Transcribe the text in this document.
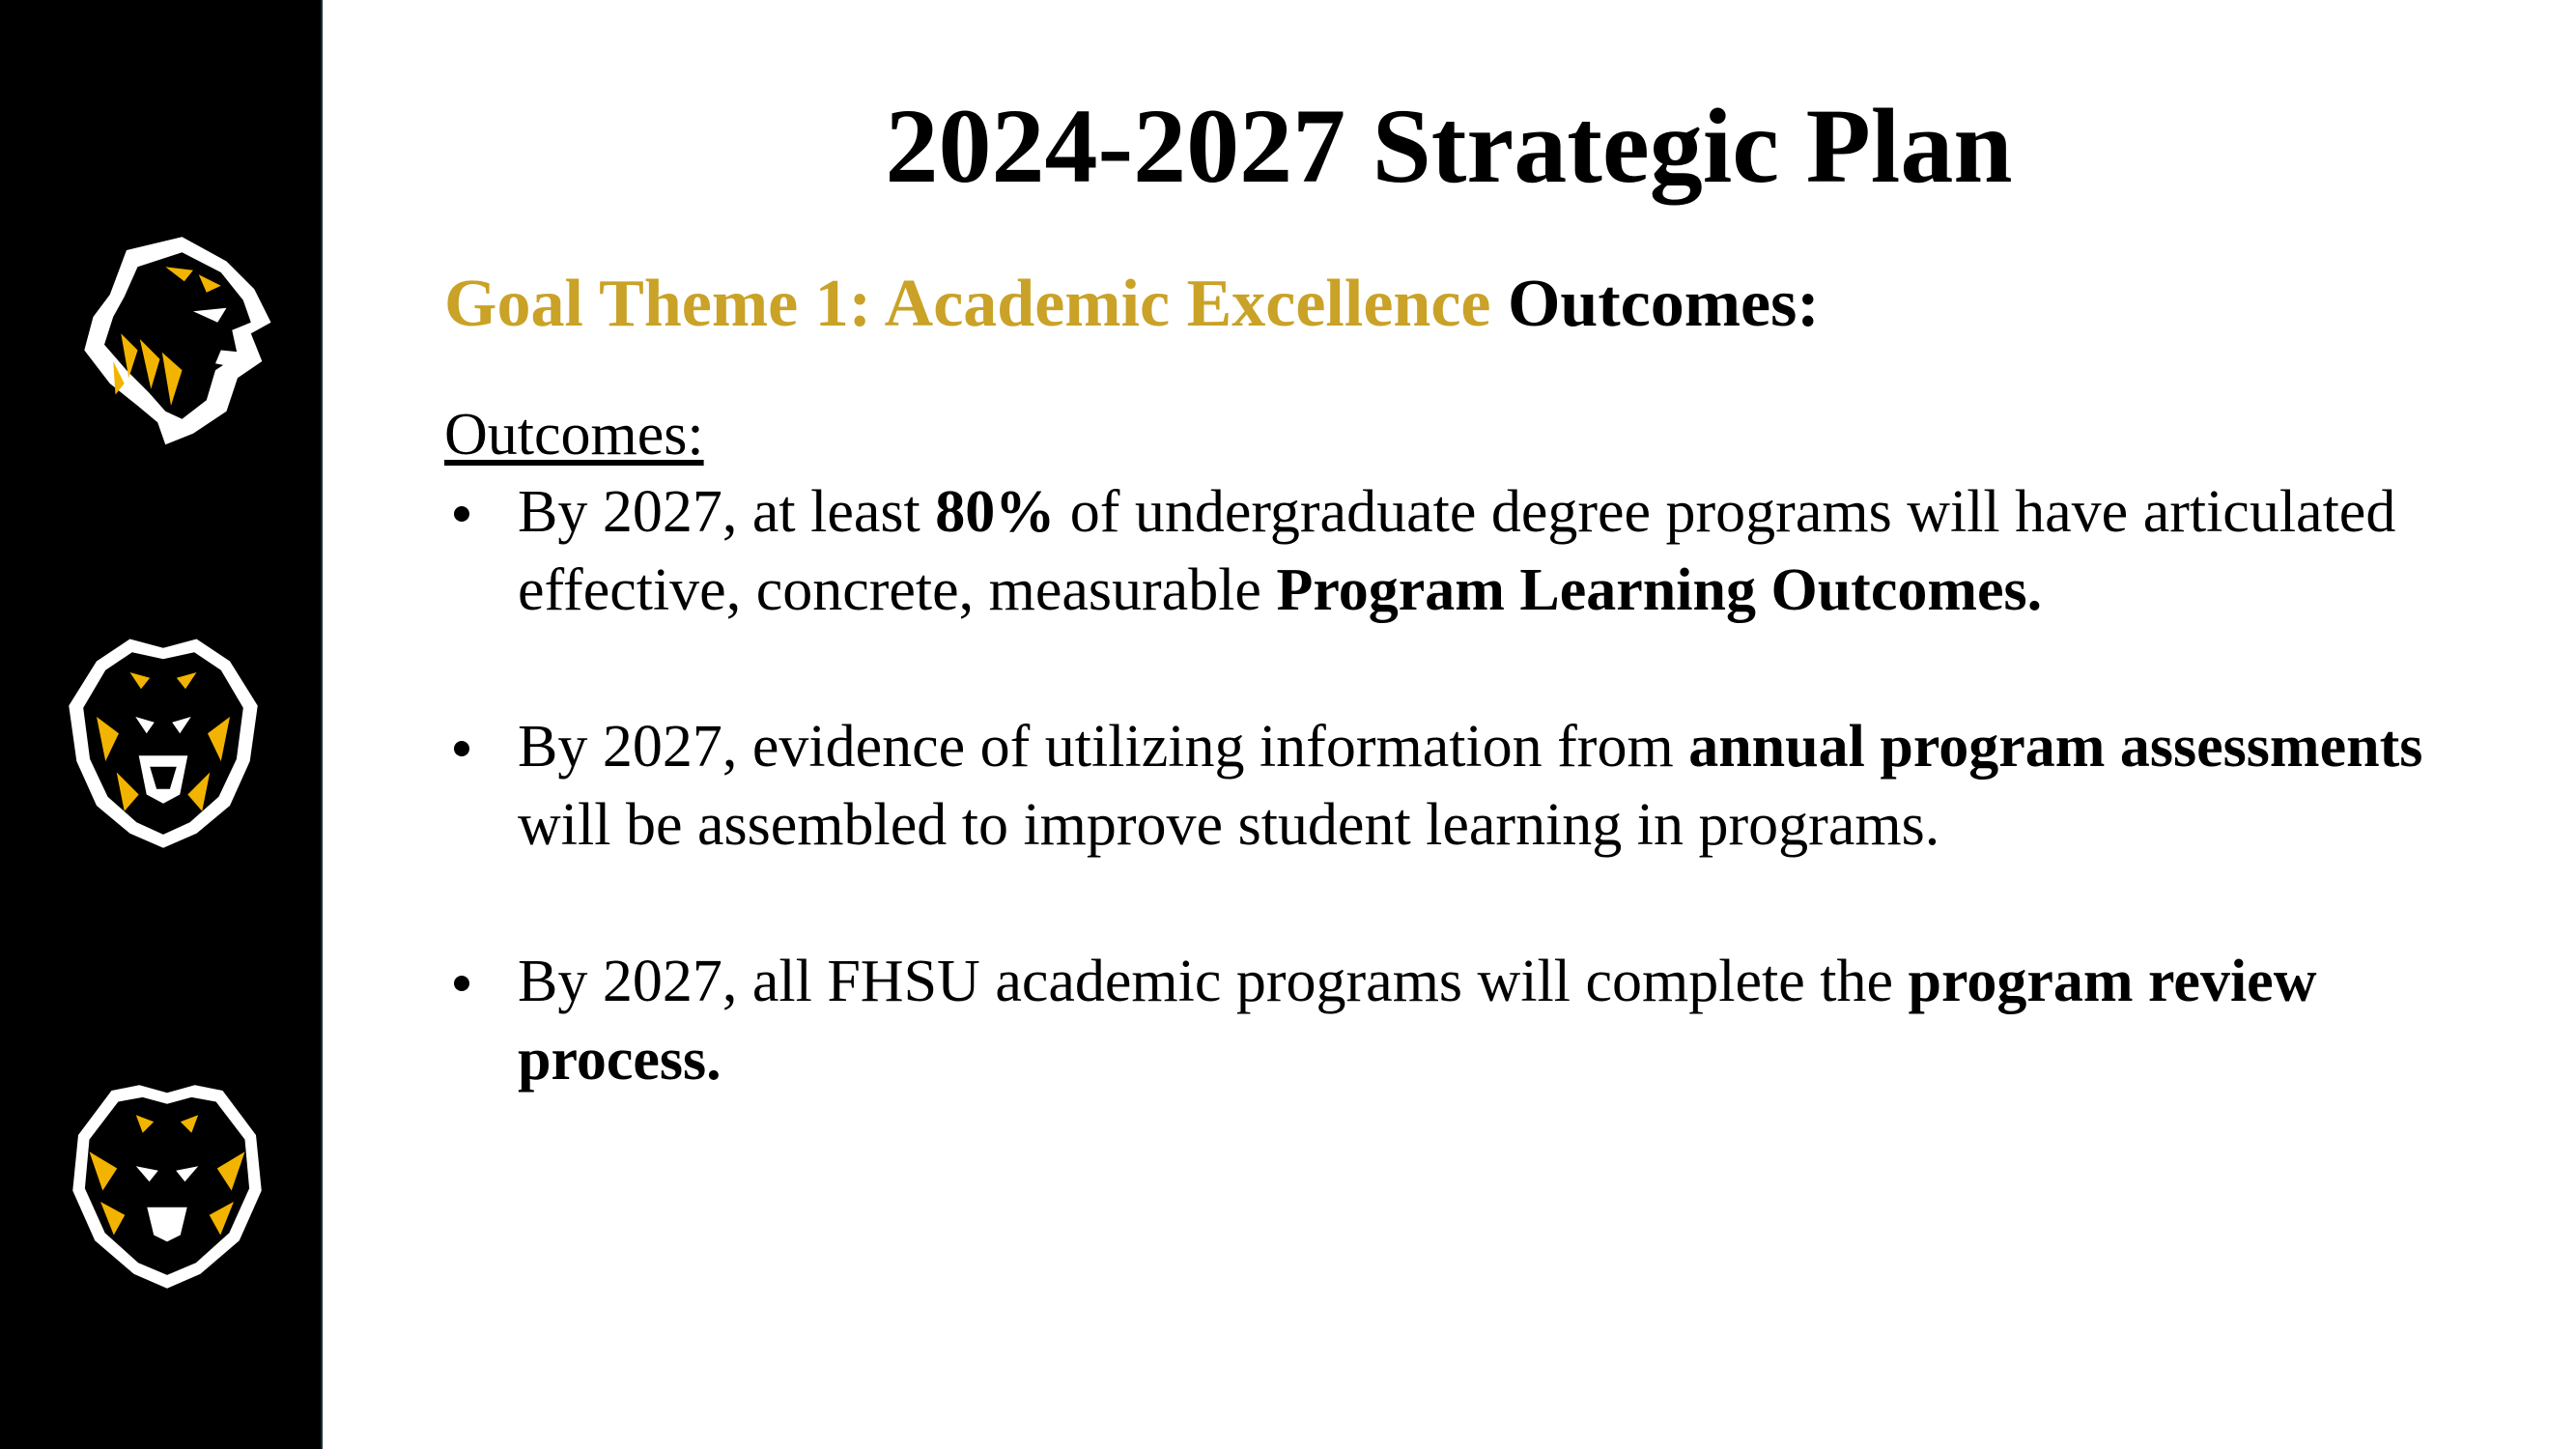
2024-2027 Strategic Plan

Goal Theme 1: Academic Excellence Outcomes:

Outcomes:

By 2027, at least 80% of undergraduate degree programs will have articulated effective, concrete, measurable Program Learning Outcomes.
By 2027, evidence of utilizing information from annual program assessments will be assembled to improve student learning in programs.
By 2027, all FHSU academic programs will complete the program review process.
